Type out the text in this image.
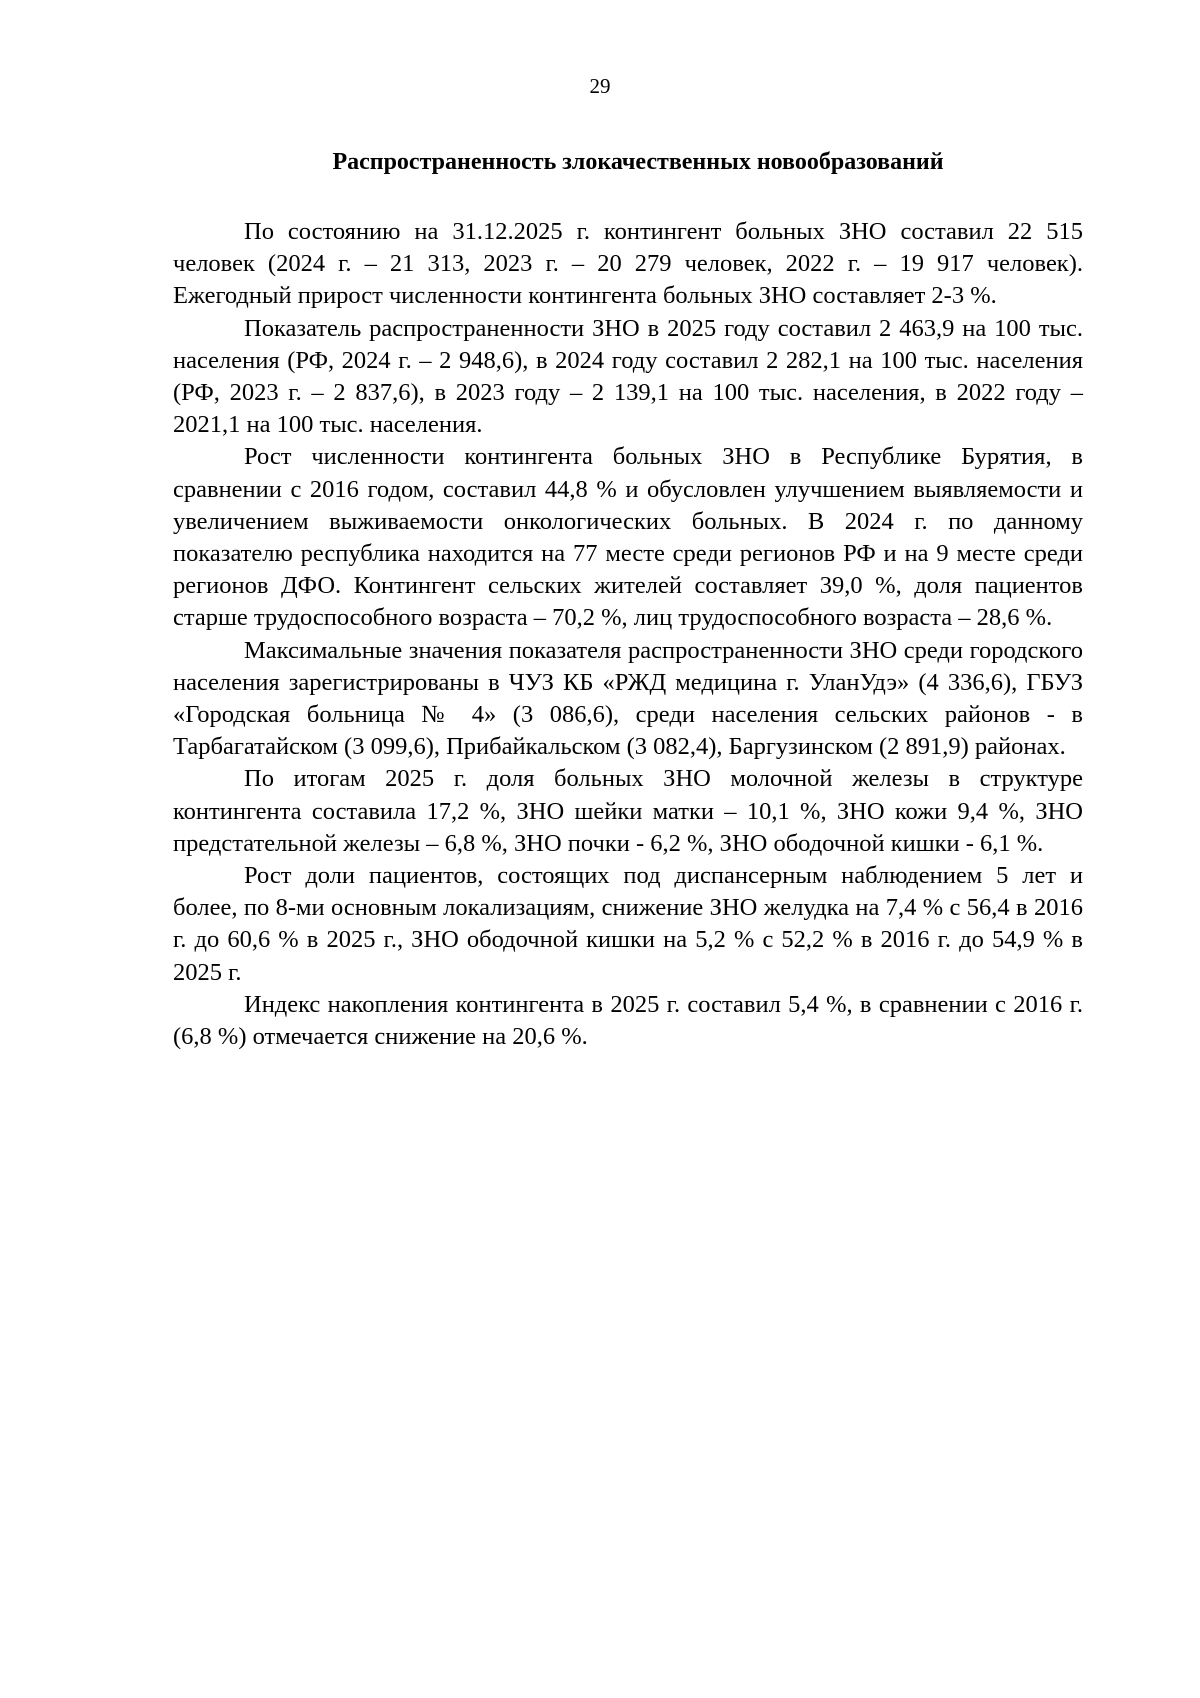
29
Распространенность злокачественных новообразований

По состоянию на 31.12.2025 г. контингент больных ЗНО составил 22 515 человек (2024 г. – 21 313, 2023 г. – 20 279 человек, 2022 г. – 19 917 человек). Ежегодный прирост численности контингента больных ЗНО составляет 2-3 %.

Показатель распространенности ЗНО в 2025 году составил 2 463,9 на 100 тыс. населения (РФ, 2024 г. – 2 948,6), в 2024 году составил 2 282,1 на 100 тыс. населения (РФ, 2023 г. – 2 837,6), в 2023 году – 2 139,1 на 100 тыс. населения, в 2022 году – 2021,1 на 100 тыс. населения.

Рост численности контингента больных ЗНО в Республике Бурятия, в сравнении с 2016 годом, составил 44,8 % и обусловлен улучшением выявляемости и увеличением выживаемости онкологических больных. В 2024 г. по данному показателю республика находится на 77 месте среди регионов РФ и на 9 месте среди регионов ДФО. Контингент сельских жителей составляет 39,0 %, доля пациентов старше трудоспособного возраста – 70,2 %, лиц трудоспособного возраста – 28,6 %.

Максимальные значения показателя распространенности ЗНО среди городского населения зарегистрированы в ЧУЗ КБ «РЖД медицина г. УланУдэ» (4 336,6), ГБУЗ «Городская больница № 4» (3 086,6), среди населения сельских районов - в Тарбагатайском (3 099,6), Прибайкальском (3 082,4), Баргузинском (2 891,9) районах.

По итогам 2025 г. доля больных ЗНО молочной железы в структуре контингента составила 17,2 %, ЗНО шейки матки – 10,1 %, ЗНО кожи 9,4 %, ЗНО предстательной железы – 6,8 %, ЗНО почки - 6,2 %, ЗНО ободочной кишки - 6,1 %.

Рост доли пациентов, состоящих под диспансерным наблюдением 5 лет и более, по 8-ми основным локализациям, снижение ЗНО желудка на 7,4 % с 56,4 в 2016 г. до 60,6 % в 2025 г., ЗНО ободочной кишки на 5,2 % с 52,2 % в 2016 г. до 54,9 % в 2025 г.

Индекс накопления контингента в 2025 г. составил 5,4 %, в сравнении с 2016 г. (6,8 %) отмечается снижение на 20,6 %.
